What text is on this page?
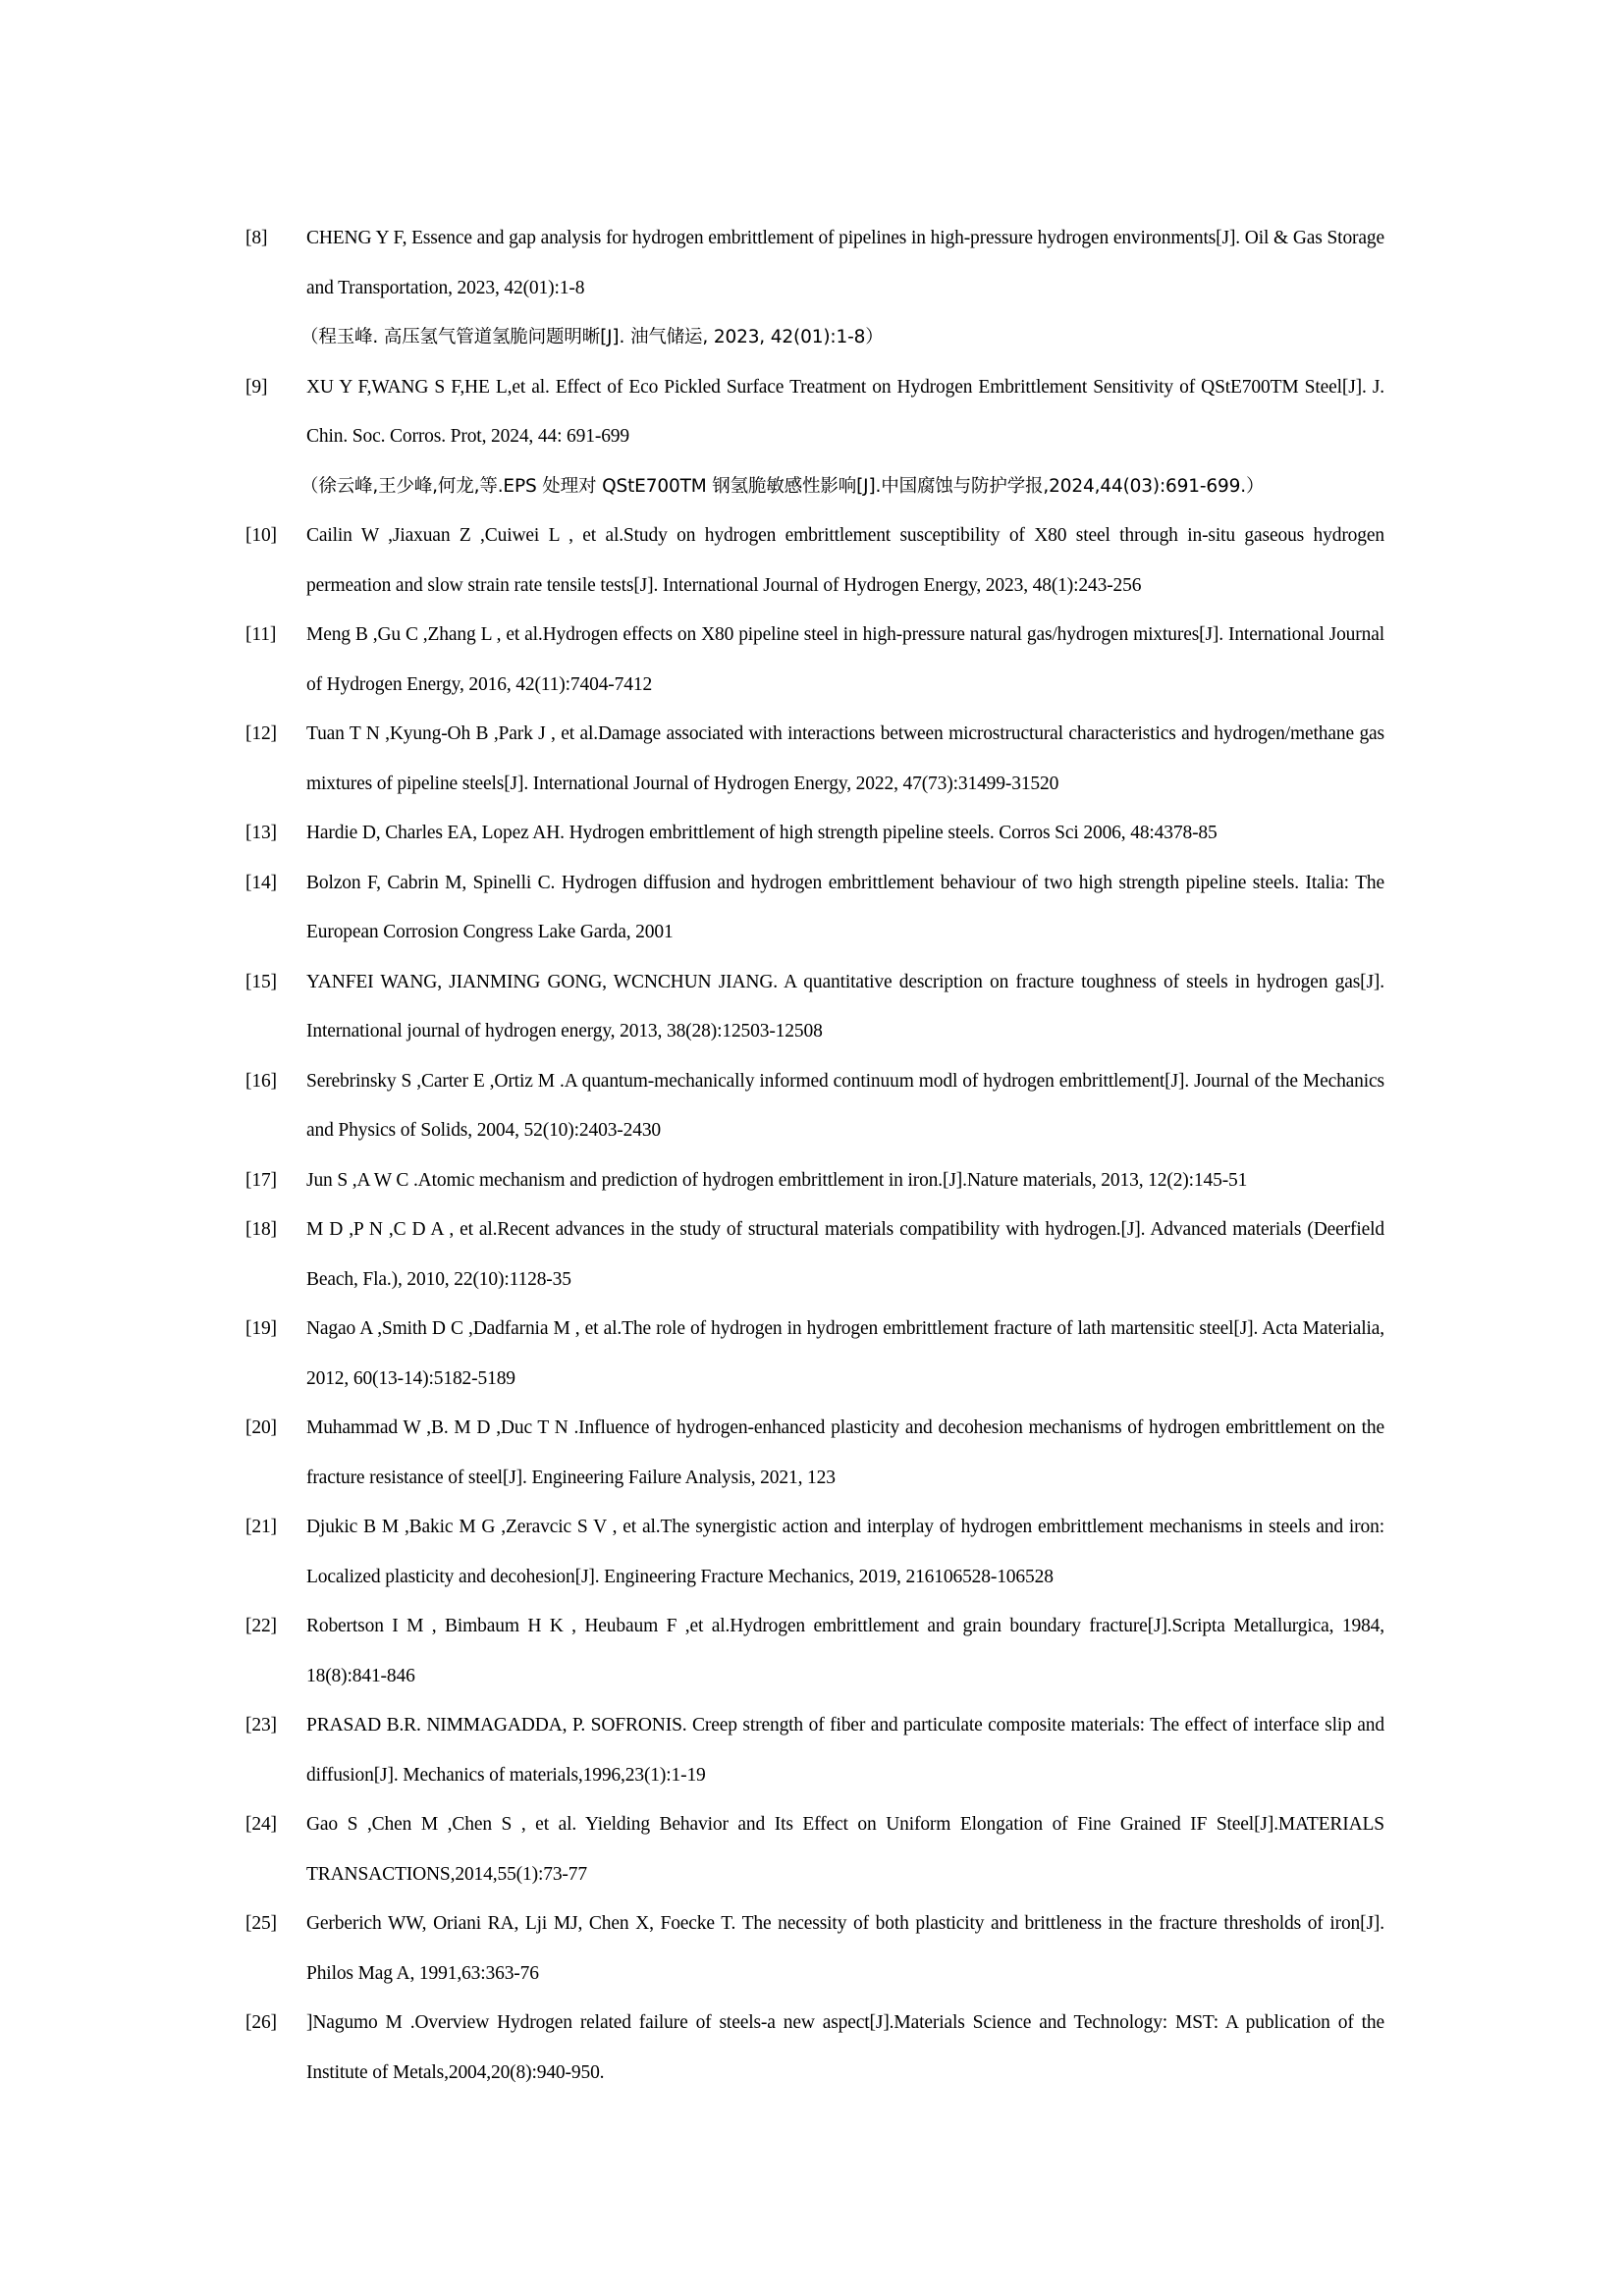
[8] CHENG Y F, Essence and gap analysis for hydrogen embrittlement of pipelines in high-pressure hydrogen environments[J]. Oil & Gas Storage and Transportation, 2023, 42(01):1-8
（程玉峰. 高压氢气管道氢脆问题明晰[J]. 油气储运, 2023, 42(01):1-8）
[9] XU Y F,WANG S F,HE L,et al. Effect of Eco Pickled Surface Treatment on Hydrogen Embrittlement Sensitivity of QStE700TM Steel[J]. J. Chin. Soc. Corros. Prot, 2024, 44: 691-699
（徐云峰,王少峰,何龙,等.EPS 处理对 QStE700TM 钢氢脆敏感性影响[J].中国腐蚀与防护学报,2024,44(03):691-699.）
[10] Cailin W ,Jiaxuan Z ,Cuiwei L , et al.Study on hydrogen embrittlement susceptibility of X80 steel through in-situ gaseous hydrogen permeation and slow strain rate tensile tests[J]. International Journal of Hydrogen Energy, 2023, 48(1):243-256
[11] Meng B ,Gu C ,Zhang L , et al.Hydrogen effects on X80 pipeline steel in high-pressure natural gas/hydrogen mixtures[J]. International Journal of Hydrogen Energy, 2016, 42(11):7404-7412
[12] Tuan T N ,Kyung-Oh B ,Park J , et al.Damage associated with interactions between microstructural characteristics and hydrogen/methane gas mixtures of pipeline steels[J]. International Journal of Hydrogen Energy, 2022, 47(73):31499-31520
[13] Hardie D, Charles EA, Lopez AH. Hydrogen embrittlement of high strength pipeline steels. Corros Sci 2006, 48:4378-85
[14] Bolzon F, Cabrin M, Spinelli C. Hydrogen diffusion and hydrogen embrittlement behaviour of two high strength pipeline steels. Italia: The European Corrosion Congress Lake Garda, 2001
[15] YANFEI WANG, JIANMING GONG, WCNCHUN JIANG. A quantitative description on fracture toughness of steels in hydrogen gas[J]. International journal of hydrogen energy, 2013, 38(28):12503-12508
[16] Serebrinsky S ,Carter E ,Ortiz M .A quantum-mechanically informed continuum modl of hydrogen embrittlement[J]. Journal of the Mechanics and Physics of Solids, 2004, 52(10):2403-2430
[17] Jun S ,A W C .Atomic mechanism and prediction of hydrogen embrittlement in iron.[J].Nature materials, 2013, 12(2):145-51
[18] M D ,P N ,C D A , et al.Recent advances in the study of structural materials compatibility with hydrogen.[J]. Advanced materials (Deerfield Beach, Fla.), 2010, 22(10):1128-35
[19] Nagao A ,Smith D C ,Dadfarnia M , et al.The role of hydrogen in hydrogen embrittlement fracture of lath martensitic steel[J]. Acta Materialia, 2012, 60(13-14):5182-5189
[20] Muhammad W ,B. M D ,Duc T N .Influence of hydrogen-enhanced plasticity and decohesion mechanisms of hydrogen embrittlement on the fracture resistance of steel[J]. Engineering Failure Analysis, 2021, 123
[21] Djukic B M ,Bakic M G ,Zeravcic S V , et al.The synergistic action and interplay of hydrogen embrittlement mechanisms in steels and iron: Localized plasticity and decohesion[J]. Engineering Fracture Mechanics, 2019, 216106528-106528
[22] Robertson I M , Bimbaum H K , Heubaum F ,et al.Hydrogen embrittlement and grain boundary fracture[J].Scripta Metallurgica, 1984, 18(8):841-846
[23] PRASAD B.R. NIMMAGADDA, P. SOFRONIS. Creep strength of fiber and particulate composite materials: The effect of interface slip and diffusion[J]. Mechanics of materials,1996,23(1):1-19
[24] Gao S ,Chen M ,Chen S , et al. Yielding Behavior and Its Effect on Uniform Elongation of Fine Grained IF Steel[J].MATERIALS TRANSACTIONS,2014,55(1):73-77
[25] Gerberich WW, Oriani RA, Lji MJ, Chen X, Foecke T. The necessity of both plasticity and brittleness in the fracture thresholds of iron[J]. Philos Mag A, 1991,63:363-76
[26] ]Nagumo M .Overview Hydrogen related failure of steels-a new aspect[J].Materials Science and Technology: MST: A publication of the Institute of Metals,2004,20(8):940-950.
